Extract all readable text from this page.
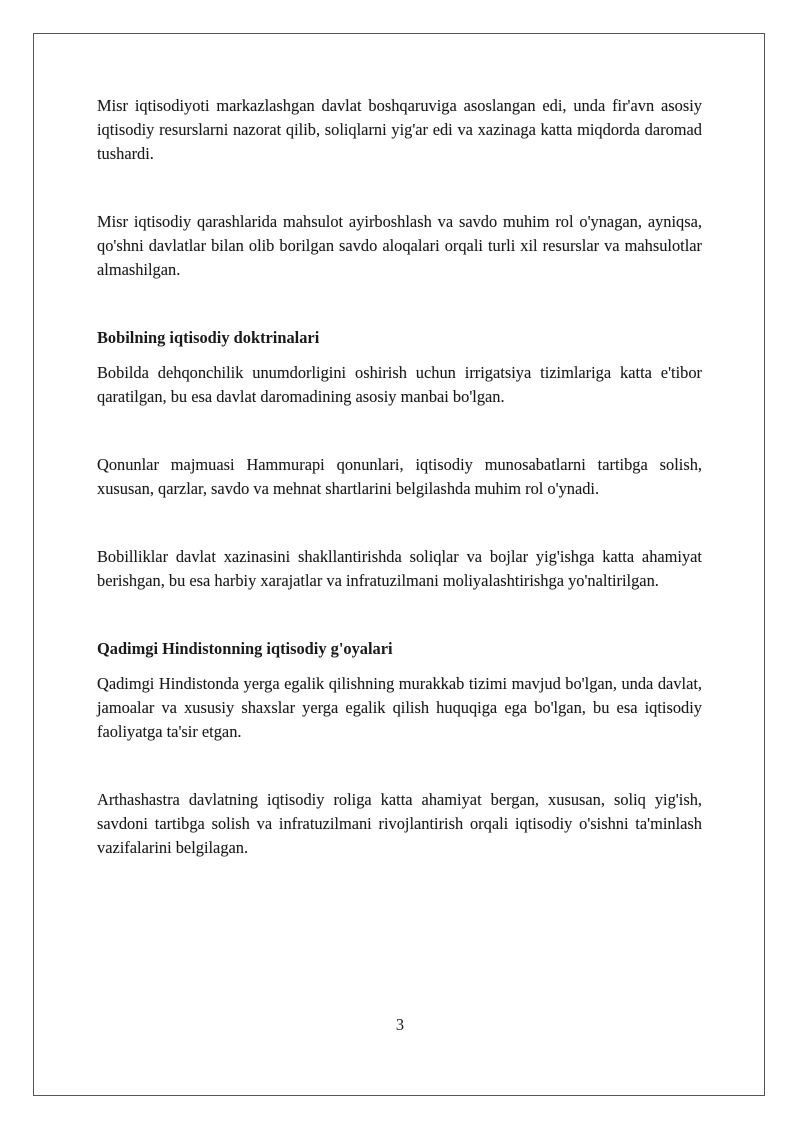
Misr iqtisodiyoti markazlashgan davlat boshqaruviga asoslangan edi, unda fir'avn asosiy iqtisodiy resurslarni nazorat qilib, soliqlarni yig'ar edi va xazinaga katta miqdorda daromad tushardi.

Misr iqtisodiy qarashlarida mahsulot ayirboshlash va savdo muhim rol o'ynagan, ayniqsa, qo'shni davlatlar bilan olib borilgan savdo aloqalari orqali turli xil resurslar va mahsulotlar almashilgan.

Bobilning iqtisodiy doktrinalari

Bobilda dehqonchilik unumdorligini oshirish uchun irrigatsiya tizimlariga katta e'tibor qaratilgan, bu esa davlat daromadining asosiy manbai bo'lgan.

Qonunlar majmuasi Hammurapi qonunlari, iqtisodiy munosabatlarni tartibga solish, xususan, qarzlar, savdo va mehnat shartlarini belgilashda muhim rol o'ynadi.

Bobilliklar davlat xazinasini shakllantirishda soliqlar va bojlar yig'ishga katta ahamiyat berishgan, bu esa harbiy xarajatlar va infratuzilmani moliyalashtirishga yo'naltirilgan.

Qadimgi Hindistonning iqtisodiy g'oyalari

Qadimgi Hindistonda yerga egalik qilishning murakkab tizimi mavjud bo'lgan, unda davlat, jamoalar va xususiy shaxslar yerga egalik qilish huquqiga ega bo'lgan, bu esa iqtisodiy faoliyatga ta'sir etgan.

Arthashastra davlatning iqtisodiy roliga katta ahamiyat bergan, xususan, soliq yig'ish, savdoni tartibga solish va infratuzilmani rivojlantirish orqali iqtisodiy o'sishni ta'minlash vazifalarini belgilagan.

3
